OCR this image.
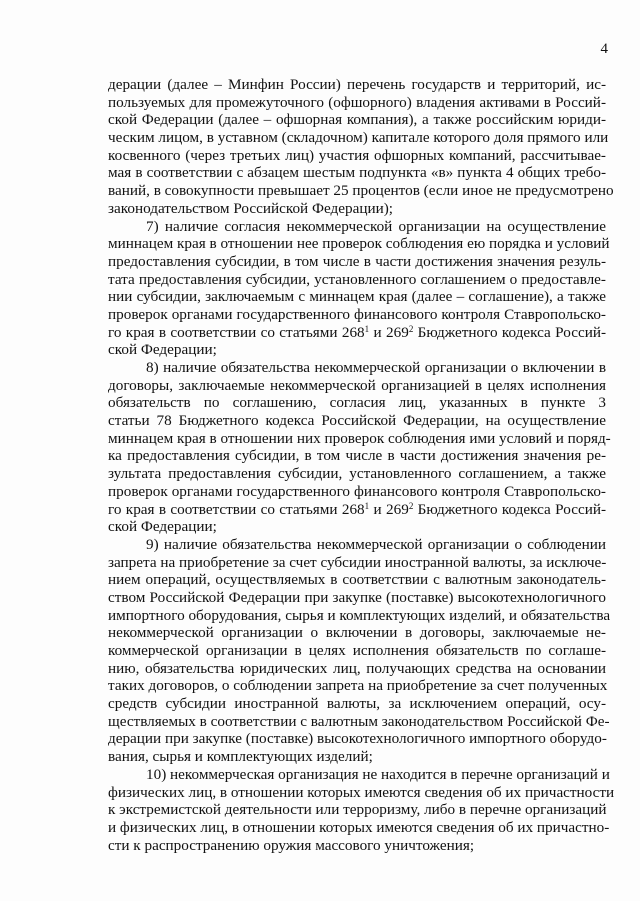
4
дерации (далее – Минфин России) перечень государств и территорий, ис-
пользуемых для промежуточного (офшорного) владения активами в Россий-
ской Федерации (далее – офшорная компания), а также российским юриди-
ческим лицом, в уставном (складочном) капитале которого доля прямого или
косвенного (через третьих лиц) участия офшорных компаний, рассчитывае-
мая в соответствии с абзацем шестым подпункта «в» пункта 4 общих требо-
ваний, в совокупности превышает 25 процентов (если иное не предусмотрено
законодательством Российской Федерации);
7) наличие согласия некоммерческой организации на осуществление
миннацем края в отношении нее проверок соблюдения ею порядка и условий
предоставления субсидии, в том числе в части достижения значения резуль-
тата предоставления субсидии, установленного соглашением о предоставле-
нии субсидии, заключаемым с миннацем края (далее – соглашение), а также
проверок органами государственного финансового контроля Ставропольско-
го края в соответствии со статьями $268^1$ и $269^2$ Бюджетного кодекса Россий-
ской Федерации;
8) наличие обязательства некоммерческой организации о включении в
договоры, заключаемые некоммерческой организацией в целях исполнения
обязательств по соглашению, согласия лиц, указанных в пункте 3
статьи 78 Бюджетного кодекса Российской Федерации, на осуществление
миннацем края в отношении них проверок соблюдения ими условий и поряд-
ка предоставления субсидии, в том числе в части достижения значения ре-
зультата предоставления субсидии, установленного соглашением, а также
проверок органами государственного финансового контроля Ставропольско-
го края в соответствии со статьями $268^1$ и $269^2$ Бюджетного кодекса Россий-
ской Федерации;
9) наличие обязательства некоммерческой организации о соблюдении
запрета на приобретение за счет субсидии иностранной валюты, за исключе-
нием операций, осуществляемых в соответствии с валютным законодатель-
ством Российской Федерации при закупке (поставке) высокотехнологичного
импортного оборудования, сырья и комплектующих изделий, и обязательства
некоммерческой организации о включении в договоры, заключаемые не-
коммерческой организации в целях исполнения обязательств по соглаше-
нию, обязательства юридических лиц, получающих средства на основании
таких договоров, о соблюдении запрета на приобретение за счет полученных
средств субсидии иностранной валюты, за исключением операций, осу-
ществляемых в соответствии с валютным законодательством Российской Фе-
дерации при закупке (поставке) высокотехнологичного импортного оборудо-
вания, сырья и комплектующих изделий;
10) некоммерческая организация не находится в перечне организаций и
физических лиц, в отношении которых имеются сведения об их причастности
к экстремистской деятельности или терроризму, либо в перечне организаций
и физических лиц, в отношении которых имеются сведения об их причастно-
сти к распространению оружия массового уничтожения;
